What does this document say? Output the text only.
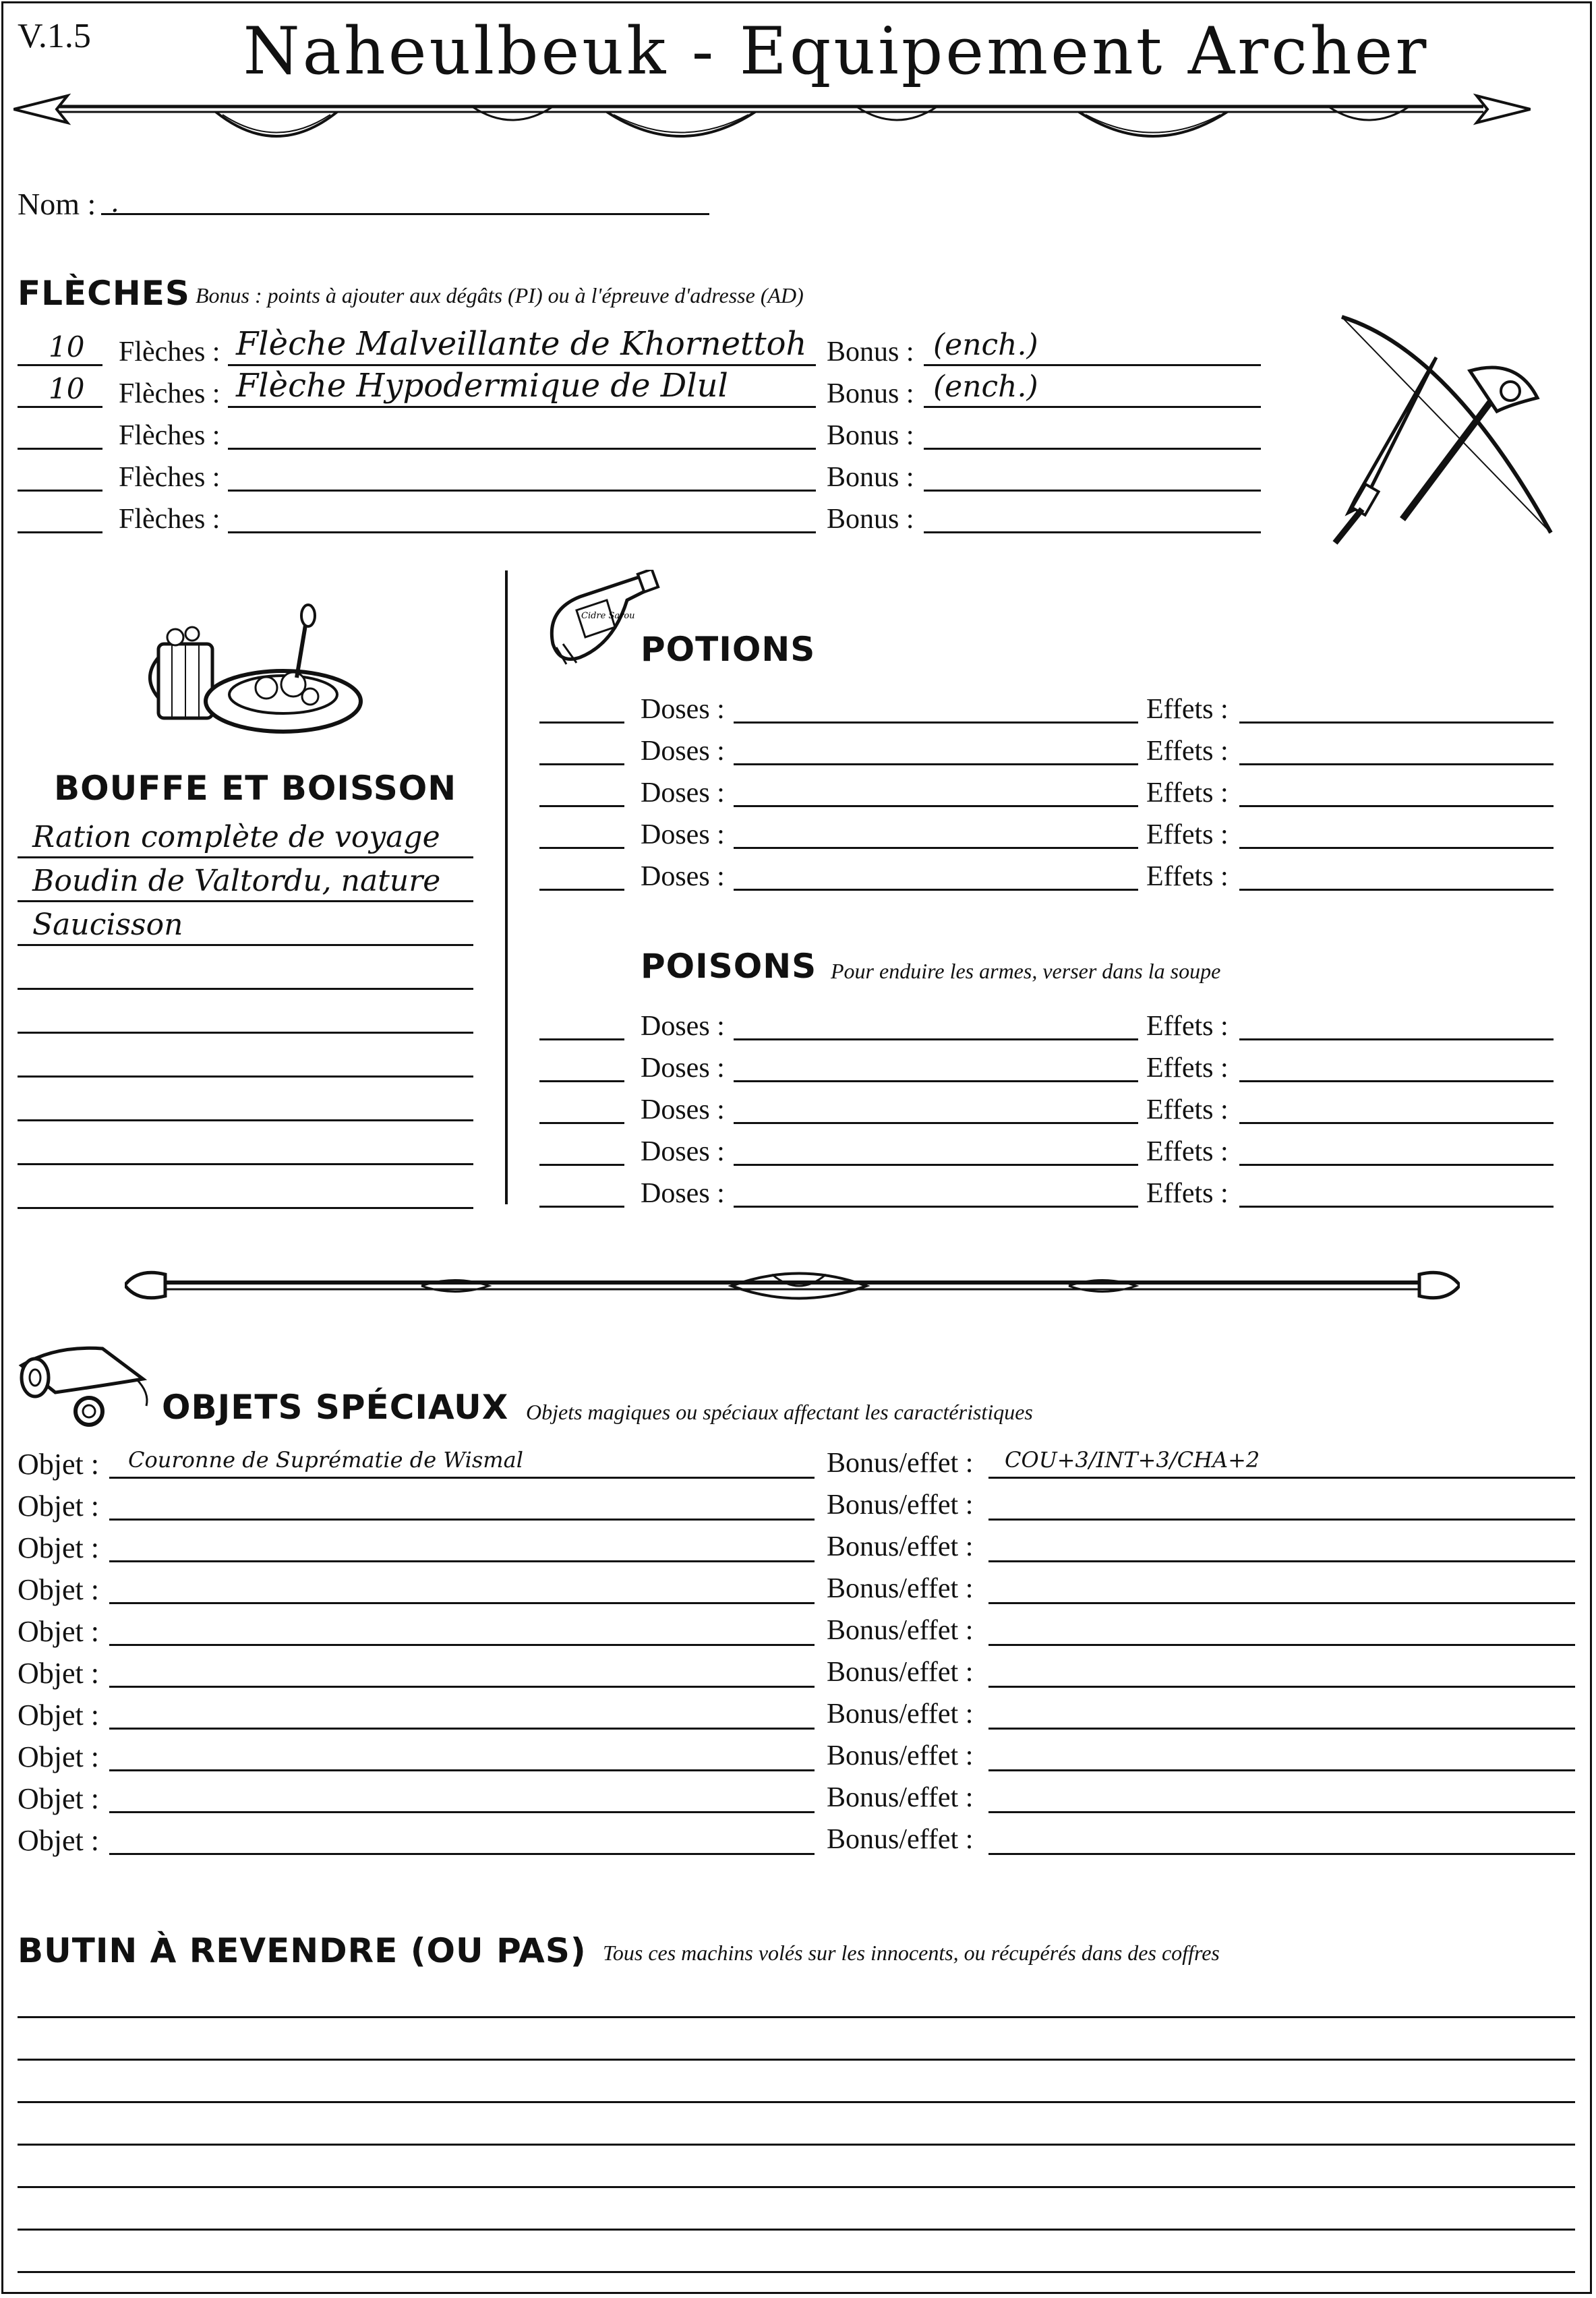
V.1.5	Naheulbeuk - Equipement Archer
Nom : .
FLÈCHES Bonus : points à ajouter aux dégâts (PI) ou à l'épreuve d'adresse (AD)
10 Flèches : Flèche Malveillante de Khornettoh Bonus : (ench.)
10 Flèches : Flèche Hypodermique de Dlul	Bonus : (ench.)
Flèches :	Bonus :
Flèches :	Bonus :
Flèches :	Bonus :
BOUFFE ET BOISSON
Ration complète de voyage
Boudin de Valtordu, nature
Saucisson
Cidre Sarou
POTIONS
Doses :	Effets :
Doses :	Effets :
Doses :	Effets :
Doses :	Effets :
Doses :	Effets :
POISONS Pour enduire les armes, verser dans la soupe
Doses :	Effets :
Doses :	Effets :
Doses :	Effets :
Doses :	Effets :
Doses :	Effets :
OBJETS SPÉCIAUX Objets magiques ou spéciaux affectant les caractéristiques
Objet : Couronne de Suprématie de Wismal	Bonus/effet : COU+3/INT+3/CHA+2
Objet :	Bonus/effet :
Objet :	Bonus/effet :
Objet :	Bonus/effet :
Objet :	Bonus/effet :
Objet :	Bonus/effet :
Objet :	Bonus/effet :
Objet :	Bonus/effet :
Objet :	Bonus/effet :
Objet :	Bonus/effet :
BUTIN À REVENDRE (OU PAS) Tous ces machins volés sur les innocents, ou récupérés dans des coffres
